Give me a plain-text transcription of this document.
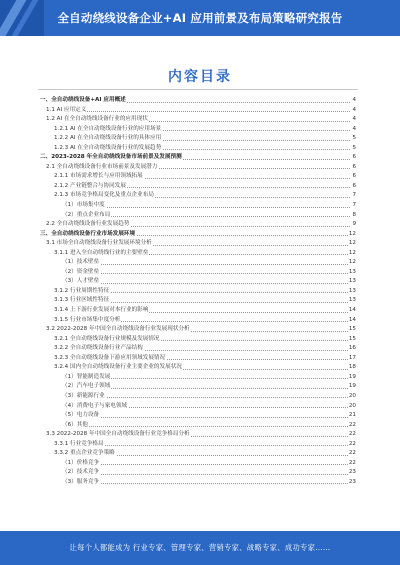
全自动绕线设备企业+AI 应用前景及布局策略研究报告
内容目录
一、全自动绕线设备+AI 应用概述	4
1.1 AI 应用定义	4
1.2 AI 在全自动绕线设备行业的应用现状	4
1.2.1 AI 在全自动绕线设备行业的应用场景	4
1.2.2 AI 在全自动绕线设备行业的具体应用	5
1.2.3 AI 在全自动绕线设备行业的发展趋势	5
二、2023-2028 年全自动绕线设备市场前景及发展预测	6
2.1 全自动绕线设备行业市场前景及发展潜力	6
2.1.1 市场需求增长与应用领域拓展	6
2.1.2 产业链整合与协同发展	6
2.1.3 市场竞争格局变化及重点企业布局	7
（1）市场集中度	7
（2）重点企业布局	8
2.2 全自动绕线设备行业发展趋势	9
三、全自动绕线设备行业市场发展环境	12
3.1 市场全自动绕线设备行业发展环境分析	12
3.1.1 进入全自动绕线行业的主要壁垒	12
（1）技术壁垒	12
（2）资金壁垒	13
（3）人才壁垒	13
3.1.2 行业周期性特征	13
3.1.3 行业区域性特征	13
3.1.4 上下游行业发展对本行业的影响	14
3.1.5 行业市场集中度分析	14
3.2 2022-2028 年中国全自动绕线设备行业发展现状分析	15
3.2.1 全自动绕线设备行业规模及发展情况	15
3.2.2 全自动绕线设备行业产品结构	16
3.2.3 全自动绕线设备下游应用领域发展情况	17
3.2.4 国内全自动绕线设备行业主要企业的发展状况	18
（1）智能制造发展	19
（2）汽车电子领域	19
（3）新能源行业	20
（4）消费电子与家电领域	20
（5）电力设备	21
（6）其他	22
3.3 2022-2028 年中国全自动绕线设备行业竞争格局分析	22
3.3.1 行业竞争格局	22
3.3.2 重点企业竞争策略	22
（1）价格竞争	22
（2）技术竞争	23
（3）服务竞争	23
让每个人都能成为 行业专家、管理专家、营销专家、战略专家、成功专家……
